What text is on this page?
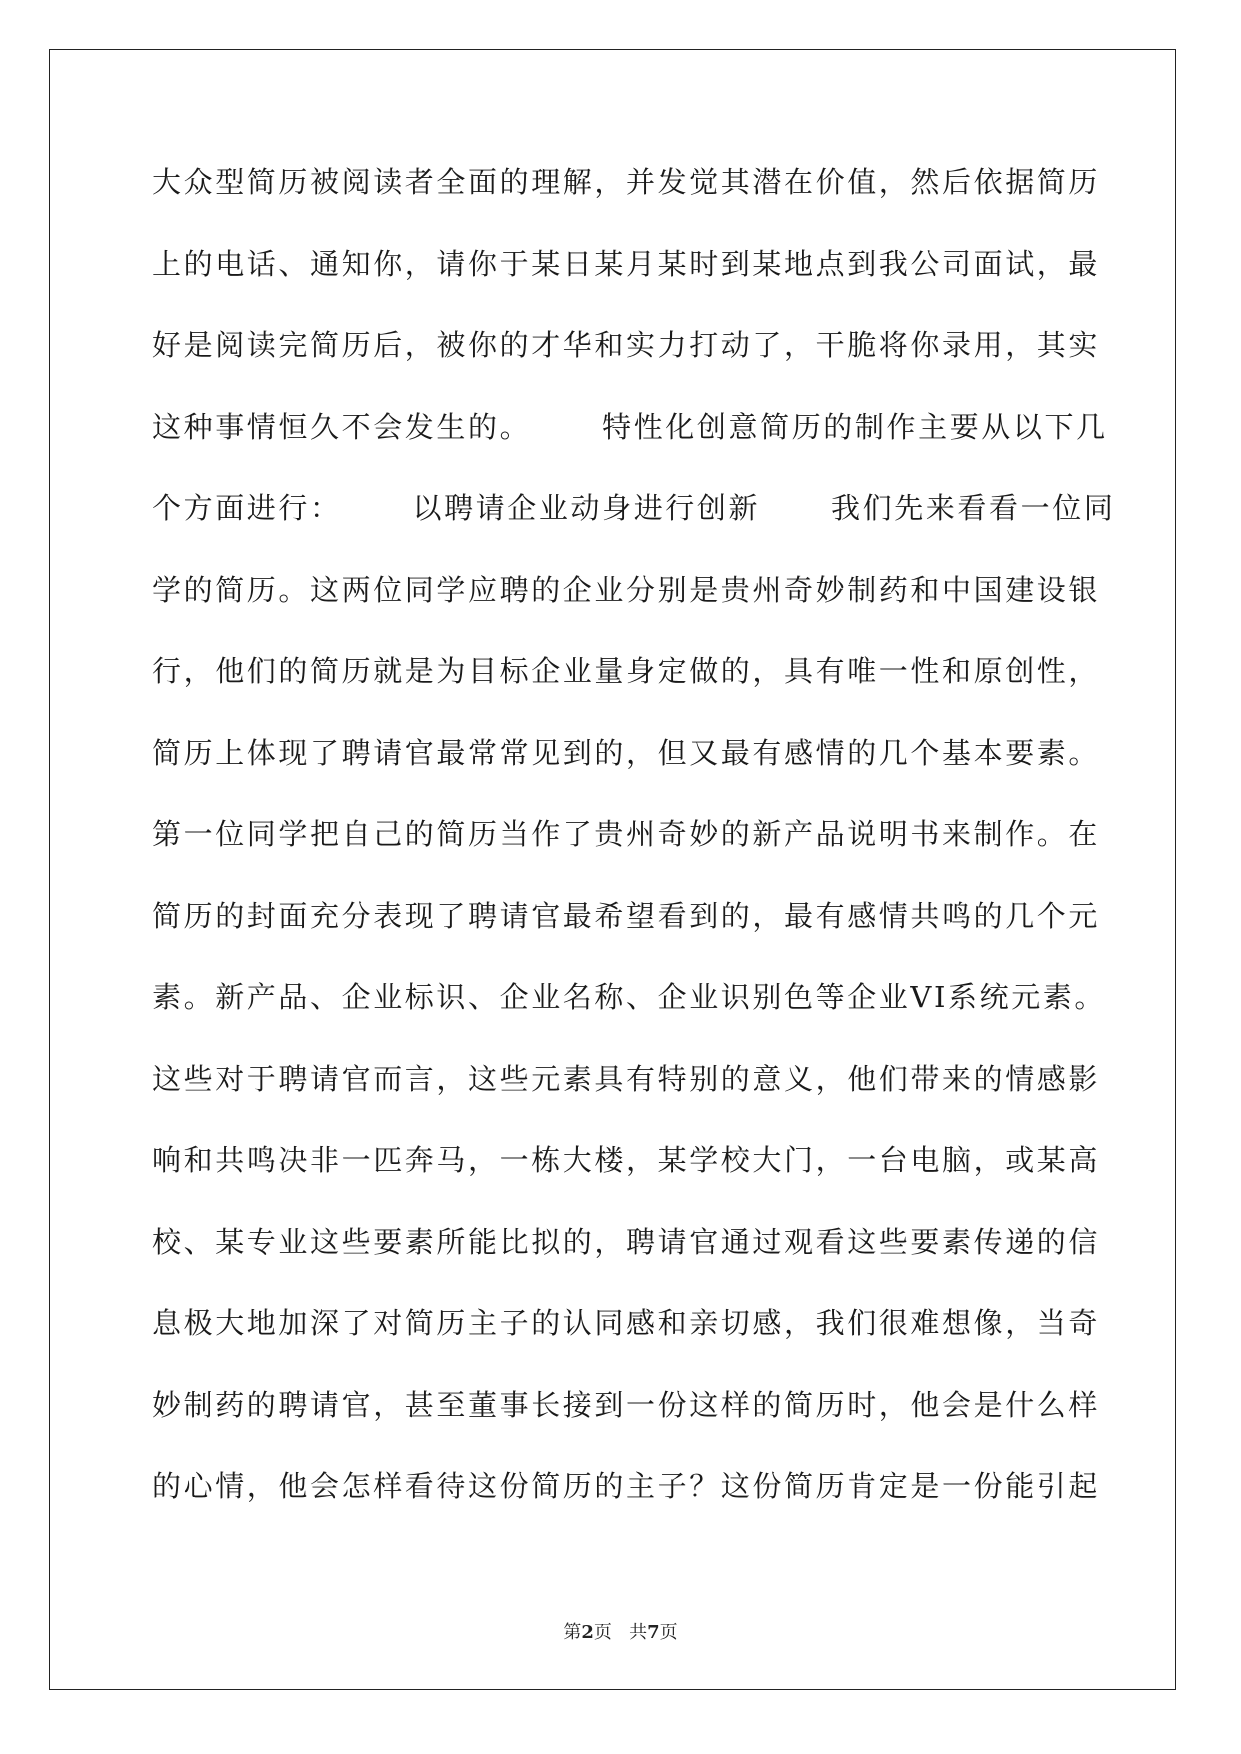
大众型简历被阅读者全面的理解，并发觉其潜在价值，然后依据简历
上的电话、通知你，请你于某日某月某时到某地点到我公司面试，最
好是阅读完简历后，被你的才华和实力打动了，干脆将你录用，其实
这种事情恒久不会发生的。      特性化创意简历的制作主要从以下几
个方面进行：      以聘请企业动身进行创新      我们先来看看一位同
学的简历。这两位同学应聘的企业分别是贵州奇妙制药和中国建设银
行，他们的简历就是为目标企业量身定做的，具有唯一性和原创性，
简历上体现了聘请官最常常见到的，但又最有感情的几个基本要素。
第一位同学把自己的简历当作了贵州奇妙的新产品说明书来制作。在
简历的封面充分表现了聘请官最希望看到的，最有感情共鸣的几个元
素。新产品、企业标识、企业名称、企业识别色等企业VI系统元素。
这些对于聘请官而言，这些元素具有特别的意义，他们带来的情感影
响和共鸣决非一匹奔马，一栋大楼，某学校大门，一台电脑，或某高
校、某专业这些要素所能比拟的，聘请官通过观看这些要素传递的信
息极大地加深了对简历主子的认同感和亲切感，我们很难想像，当奇
妙制药的聘请官，甚至董事长接到一份这样的简历时，他会是什么样
的心情，他会怎样看待这份简历的主子？这份简历肯定是一份能引起
第2页 共7页
